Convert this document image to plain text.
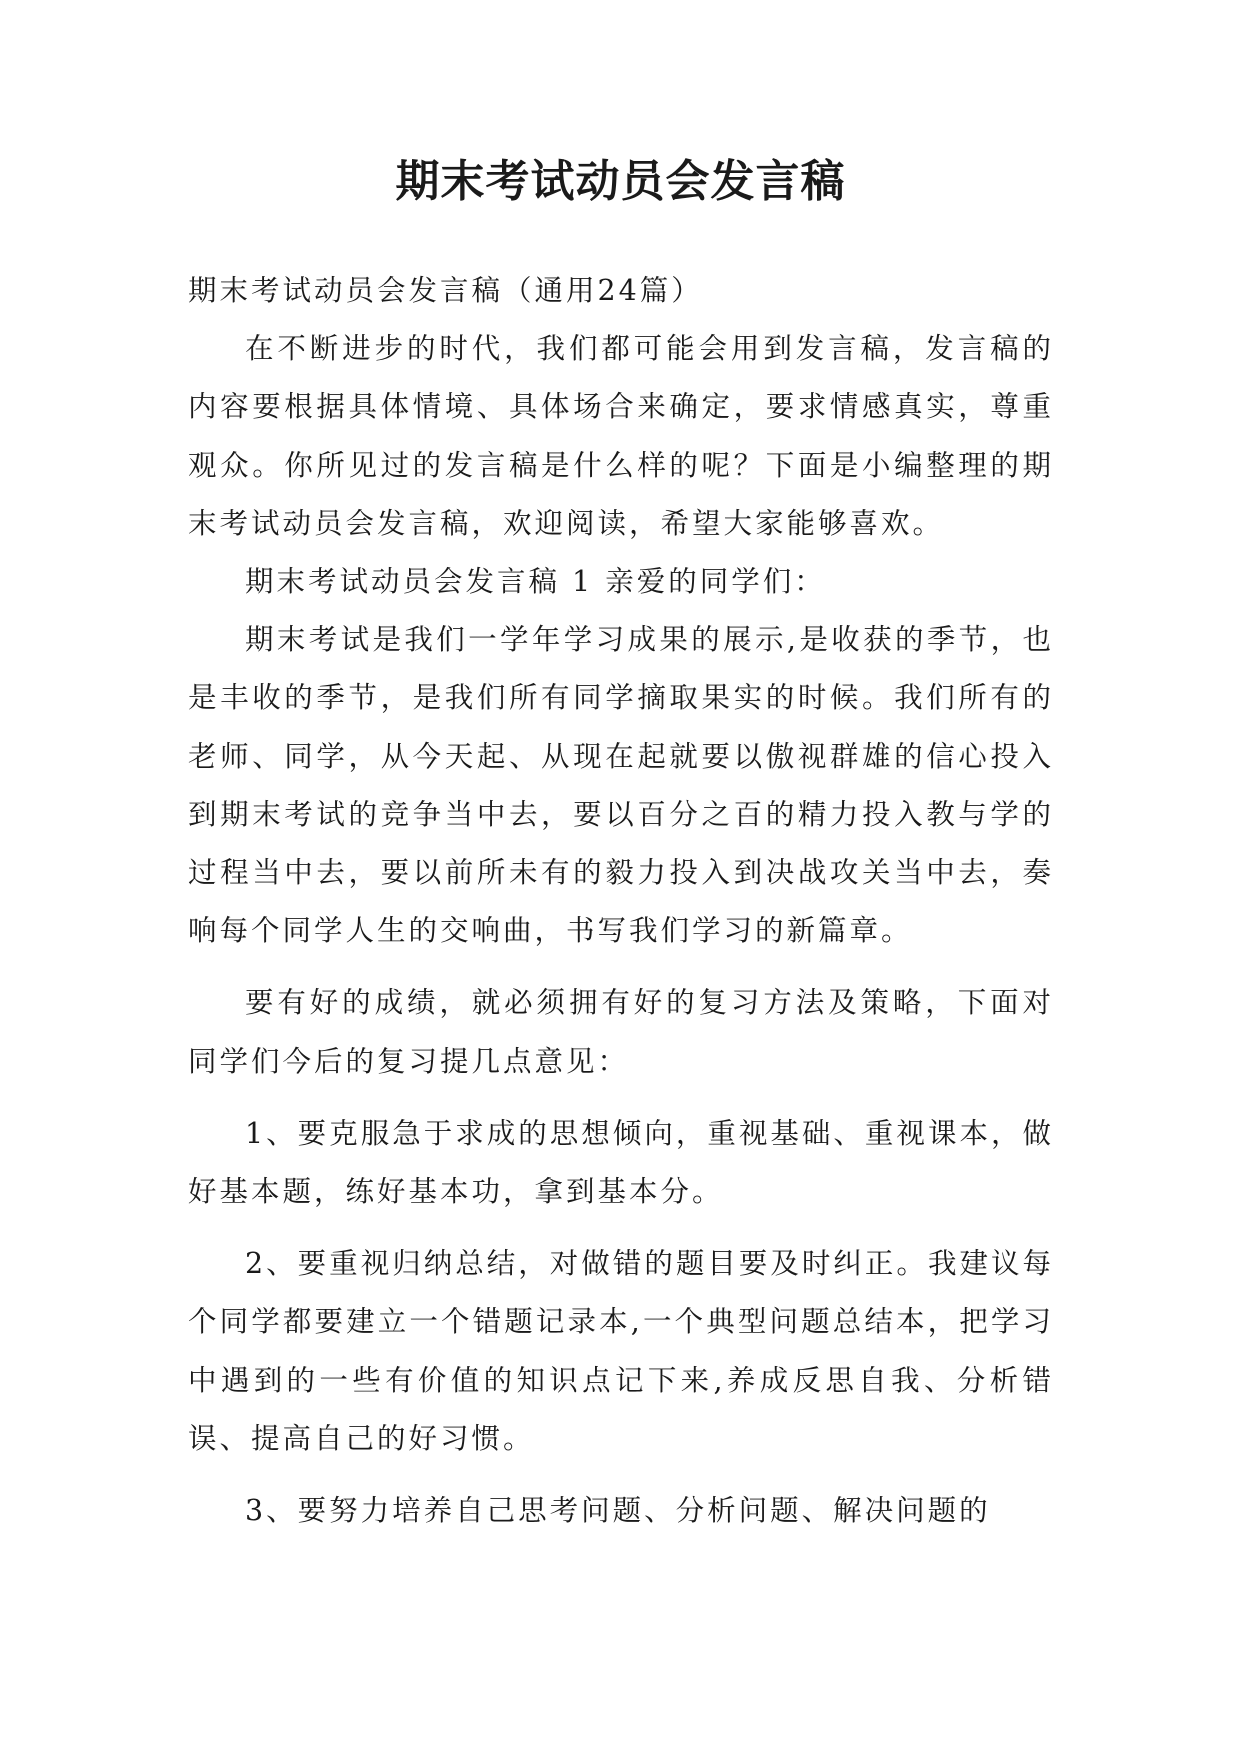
期末考试动员会发言稿

期末考试动员会发言稿（通用24篇）

在不断进步的时代，我们都可能会用到发言稿，发言稿的内容要根据具体情境、具体场合来确定，要求情感真实，尊重观众。你所见过的发言稿是什么样的呢？下面是小编整理的期末考试动员会发言稿，欢迎阅读，希望大家能够喜欢。

期末考试动员会发言稿 1 亲爱的同学们：

期末考试是我们一学年学习成果的展示,是收获的季节，也是丰收的季节，是我们所有同学摘取果实的时候。我们所有的老师、同学，从今天起、从现在起就要以傲视群雄的信心投入到期末考试的竞争当中去，要以百分之百的精力投入教与学的过程当中去，要以前所未有的毅力投入到决战攻关当中去，奏响每个同学人生的交响曲，书写我们学习的新篇章。

要有好的成绩，就必须拥有好的复习方法及策略，下面对同学们今后的复习提几点意见：

1、要克服急于求成的思想倾向，重视基础、重视课本，做好基本题，练好基本功，拿到基本分。

2、要重视归纳总结，对做错的题目要及时纠正。我建议每个同学都要建立一个错题记录本,一个典型问题总结本，把学习中遇到的一些有价值的知识点记下来,养成反思自我、分析错误、提高自己的好习惯。

3、要努力培养自己思考问题、分析问题、解决问题的
